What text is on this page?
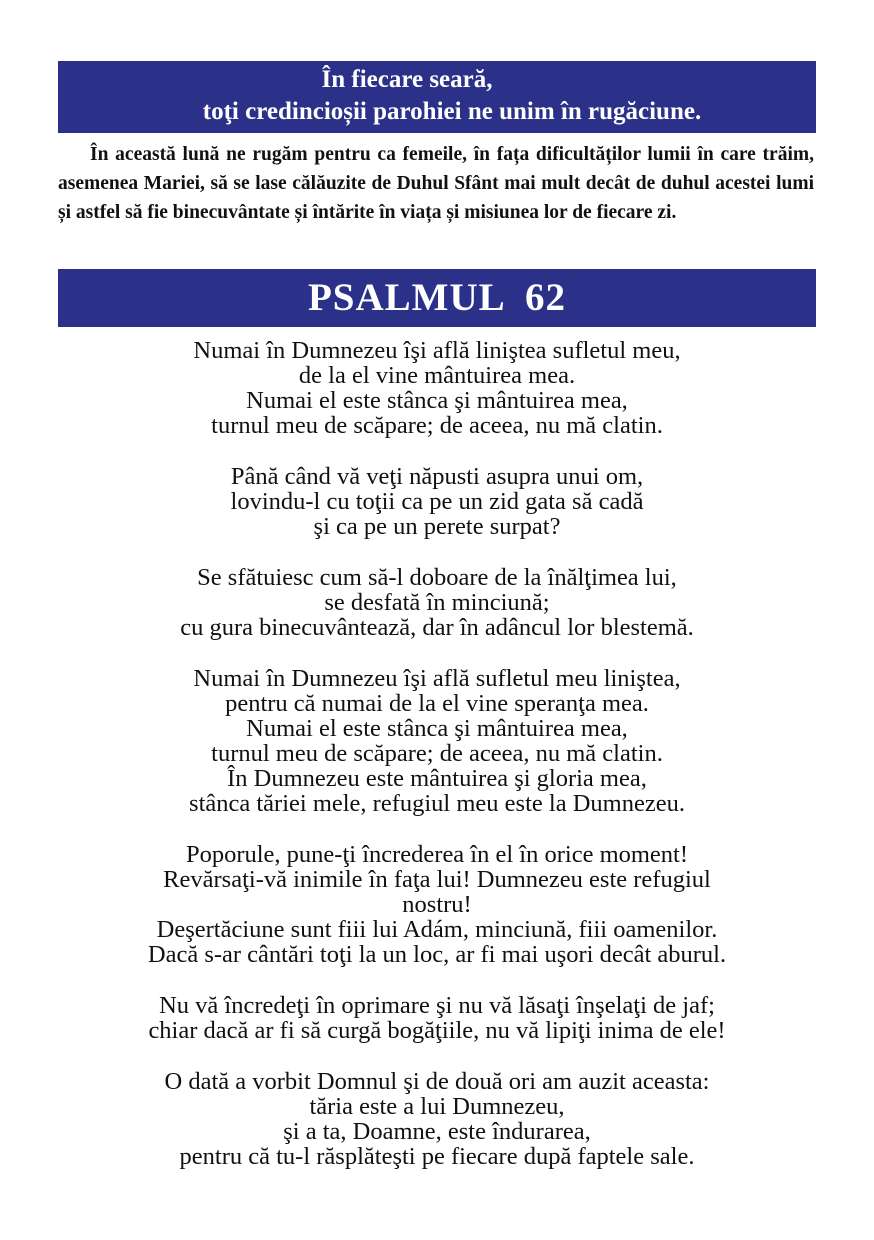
În fiecare seară,
toţi credincioșii parohiei ne unim în rugăciune.
În această lună ne rugăm pentru ca femeile, în fața dificultăților lumii în care trăim, asemenea Mariei, să se lase călăuzite de Duhul Sfânt mai mult decât de duhul acestei lumi și astfel să fie binecuvântate și întărite în viața și misiunea lor de fiecare zi.
PSALMUL  62
Numai în Dumnezeu îşi află liniştea sufletul meu,
de la el vine mântuirea mea.
Numai el este stânca şi mântuirea mea,
turnul meu de scăpare; de aceea, nu mă clatin.
Până când vă veţi năpusti asupra unui om,
lovindu-l cu toţii ca pe un zid gata să cadă
şi ca pe un perete surpat?
Se sfătuiesc cum să-l doboare de la înălţimea lui,
se desfată în minciună;
cu gura binecuvântează, dar în adâncul lor blestemă.
Numai în Dumnezeu îşi află sufletul meu liniştea,
pentru că numai de la el vine speranţa mea.
Numai el este stânca şi mântuirea mea,
turnul meu de scăpare; de aceea, nu mă clatin.
În Dumnezeu este mântuirea şi gloria mea,
stânca tăriei mele, refugiul meu este la Dumnezeu.
Poporule, pune-ţi încrederea în el în orice moment!
Revărsaţi-vă inimile în faţa lui! Dumnezeu este refugiul
nostru!
Deşertăciune sunt fiii lui Adám, minciună, fiii oamenilor.
Dacă s-ar cântări toţi la un loc, ar fi mai uşori decât aburul.
Nu vă încredeţi în oprimare şi nu vă lăsaţi înşelaţi de jaf;
chiar dacă ar fi să curgă bogăţiile, nu vă lipiţi inima de ele!
O dată a vorbit Domnul şi de două ori am auzit aceasta:
tăria este a lui Dumnezeu,
şi a ta, Doamne, este îndurarea,
pentru că tu-l răsplăteşti pe fiecare după faptele sale.
